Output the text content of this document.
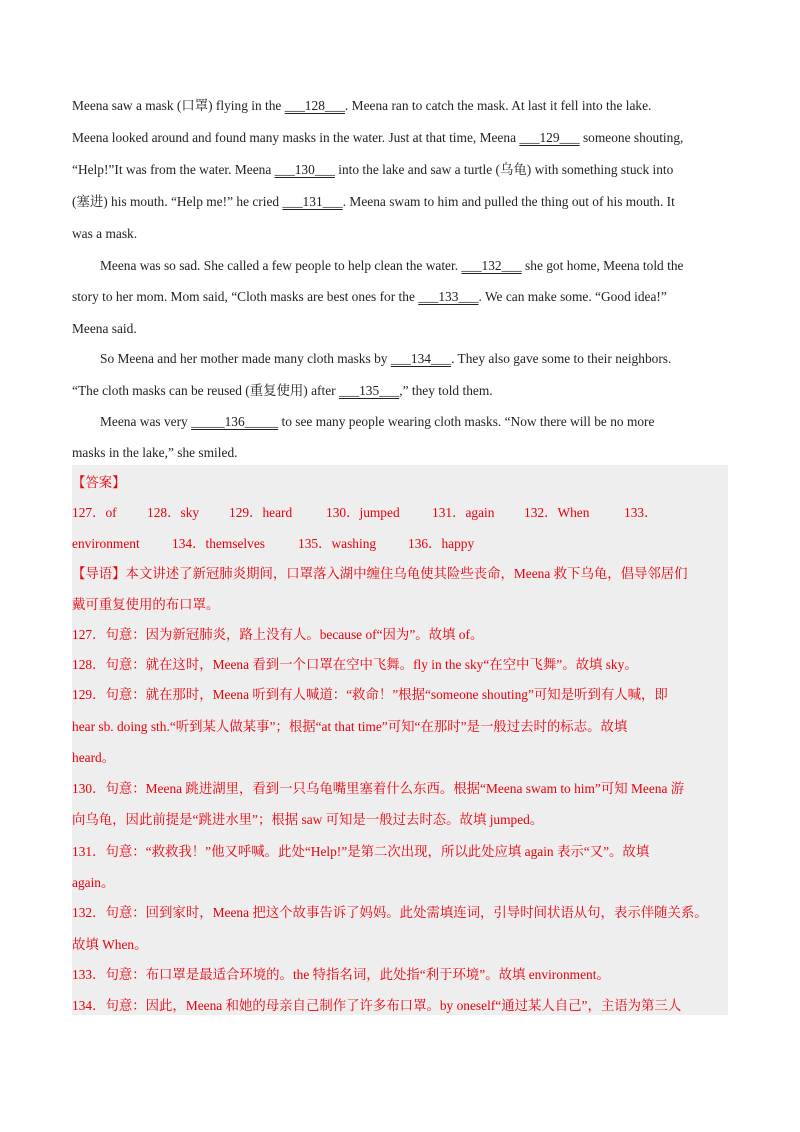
Meena saw a mask (口罩) flying in the ___128___. Meena ran to catch the mask. At last it fell into the lake.
Meena looked around and found many masks in the water. Just at that time, Meena ___129___ someone shouting,
“Help!”It was from the water. Meena ___130___ into the lake and saw a turtle (乌龟) with something stuck into
(塞进) his mouth. “Help me!” he cried ___131___. Meena swam to him and pulled the thing out of his mouth. It
was a mask.
Meena was so sad. She called a few people to help clean the water. ___132___ she got home, Meena told the
story to her mom. Mom said, “Cloth masks are best ones for the ___133___. We can make some. “Good idea!”
Meena said.
So Meena and her mother made many cloth masks by ___134___. They also gave some to their neighbors.
“The cloth masks can be reused (重复使用) after ___135___,” they told them.
Meena was very _____136_____ to see many people wearing cloth masks. “Now there will be no more
masks in the lake,” she smiled.
【答案】
127．of 128．sky 129．heard	130．jumped 131．again 132．When	133．
environment 134．themselves 135．washing 136．happy
【导语】本文讲述了新冠肺炎期间，口罩落入湖中缠住乌龟使其险些丧命，Meena 救下乌龟，倡导邻居们
戴可重复使用的布口罩。
127．句意：因为新冠肺炎，路上没有人。because of“因为”。故填 of。
128．句意：就在这时，Meena 看到一个口罩在空中飞舞。fly in the sky“在空中飞舞”。故填 sky。
129．句意：就在那时，Meena 听到有人喊道：“救命！”根据“someone shouting”可知是听到有人喊，即
hear sb. doing sth.“听到某人做某事”；根据“at that time”可知“在那时”是一般过去时的标志。故填
heard。
130．句意：Meena 跳进湖里，看到一只乌龟嘴里塞着什么东西。根据“Meena swam to him”可知 Meena 游
向乌龟，因此前提是“跳进水里”；根据 saw 可知是一般过去时态。故填 jumped。
131．句意：“救救我！”他又呼喊。此处“Help!”是第二次出现，所以此处应填 again 表示“又”。故填
again。
132．句意：回到家时，Meena 把这个故事告诉了妈妈。此处需填连词，引导时间状语从句，表示伴随关系。
故填 When。
133．句意：布口罩是最适合环境的。the 特指名词，此处指“利于环境”。故填 environment。
134．句意：因此，Meena 和她的母亲自己制作了许多布口罩。by oneself“通过某人自己”，主语为第三人
